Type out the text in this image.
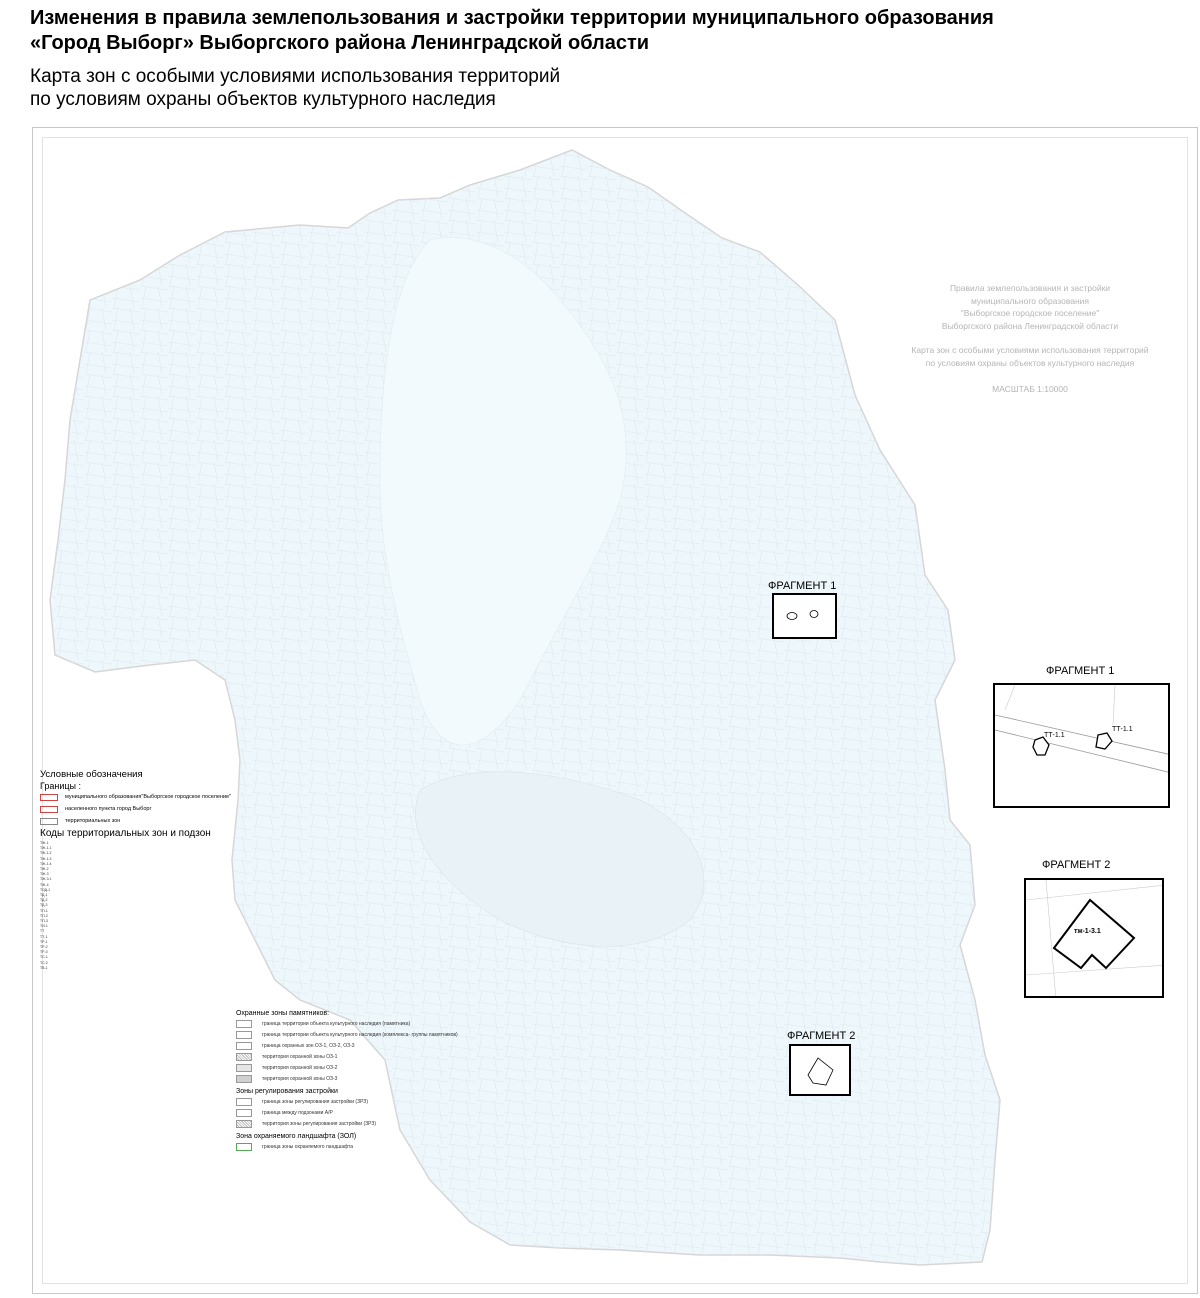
Изменения в правила землепользования и застройки территории муниципального образования
«Город Выборг» Выборгского района Ленинградской области

Карта зон с особыми условиями использования территорий
по условиям охраны объектов культурного наследия
Правила землепользования и застройки
муниципального образования
"Выборгское городское поселение"
Выборгского района Ленинградской области
Карта зон с особыми условиями использования территорий
по условиям охраны объектов культурного наследия
МАСШТАБ 1:10000
ФРАГМЕНТ 1
ФРАГМЕНТ 2
ФРАГМЕНТ 1
ТТ-1.1
ТТ-1.1
ФРАГМЕНТ 2
тж-1-3.1
Условные обозначения
Границы :
муниципального образования"Выборгское городское поселение"
населенного пункта город Выборг
территориальных зон
Коды территориальных зон и подзон
ТЖ-1
ТЖ-1.1
ТЖ-1.2
ТЖ-1.3
ТЖ-1.4
ТЖ-2
ТЖ-3
ТЖ-3.1
ТЖ-4
ТОД-1
ТД-1
ТД-2
ТД-3
ТП-1
ТП-2
ТП-3
ТИ-1
ТТ
ТТ-1
ТР-1
ТР-2
ТР-3
ТС-1
ТС-2
ТВ-1
Охранные зоны памятников:
граница территории объекта культурного наследия (памятника)
граница территории объекта культурного наследия (комплекса- группы памятников)
граница охранных зон ОЗ-1, ОЗ-2, ОЗ-3
территория охранной зоны ОЗ-1
территория охранной зоны ОЗ-2
территория охранной зоны ОЗ-3
Зоны регулирования застройки
граница зоны регулирования застройки (ЗРЗ)
граница между подзонами А/Р
территория зоны регулирования застройки (ЗРЗ)
Зона охраняемого ландшафта (ЗОЛ)
граница зоны охраняемого ландшафта
